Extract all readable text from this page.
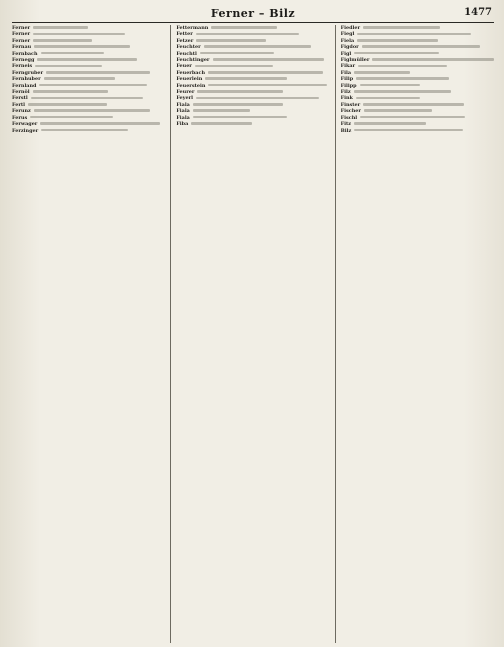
Ferner – Bilz	1477
Ferner
Ferner
Ferner
Fernau
Fernbach
Fernegg
Ferneis
Ferngruber
Fernhuber
Fernland
Fernöl
Ferstl
Fertl
Ferunz
Ferus
Ferwager
Ferzinger
Fettermann
Fetter
Fetzer
Feuchter
Feuchtl
Feuchtinger
Feuer
Feuerbach
Feuerlein
Feuerstein
Feurer
Feyerl
Fiala
Fiala
Fiala
Fiba
Fiedler
Fiegl
Fiela
Figdor
Figl
Figlmüller
Fikar
Fila
Filip
Filipp
Filz
Fink
Finster
Fischer
Fischl
Fitz
Bilz
